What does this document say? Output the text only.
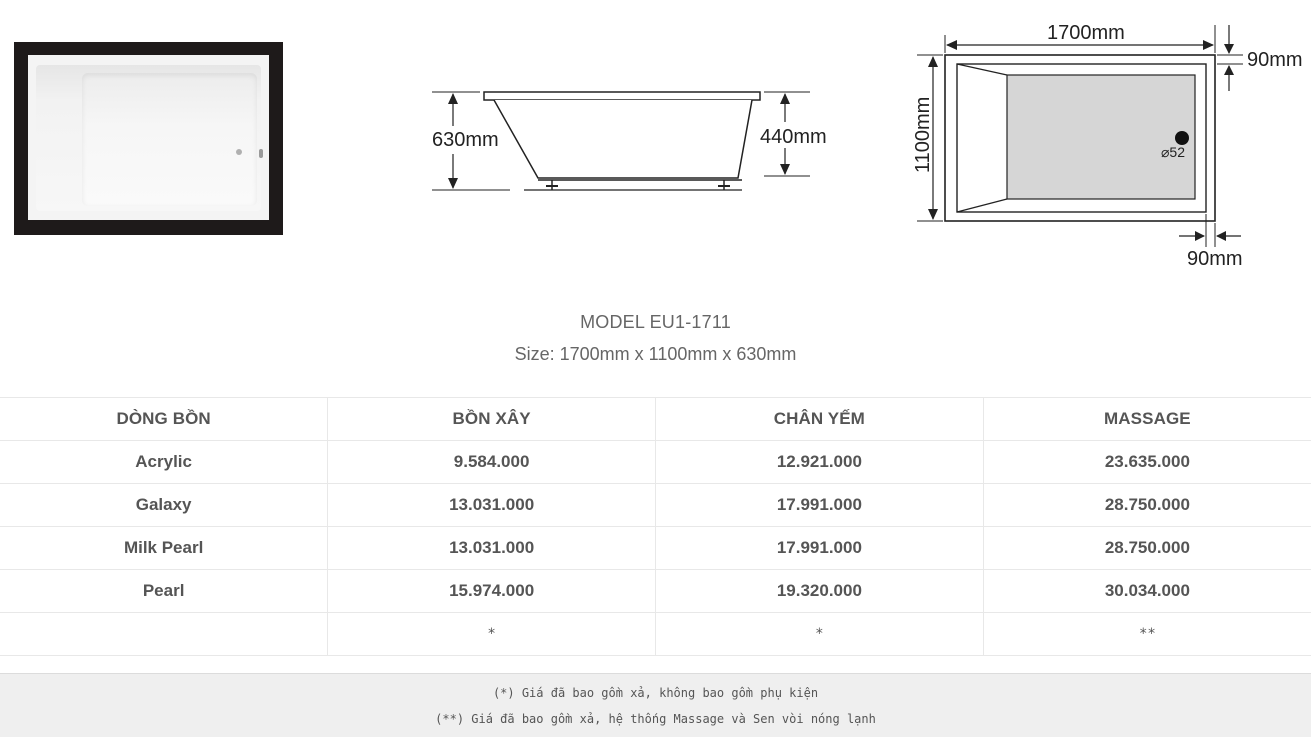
630mm	440mm
⌀52
1700mm
1100mm
90mm
90mm
MODEL EU1-1711
Size: 1700mm x 1100mm x 630mm
DÒNG BỒN	BỒN XÂY	CHÂN YẾM	MASSAGE
Acrylic	9.584.000	12.921.000	23.635.000
Galaxy	13.031.000	17.991.000	28.750.000
Milk Pearl	13.031.000	17.991.000	28.750.000
Pearl	15.974.000	19.320.000	30.034.000
	*	*	**
(*) Giá đã bao gồm xả, không bao gồm phụ kiện
(**) Giá đã bao gồm xả, hệ thống Massage và Sen vòi nóng lạnh
